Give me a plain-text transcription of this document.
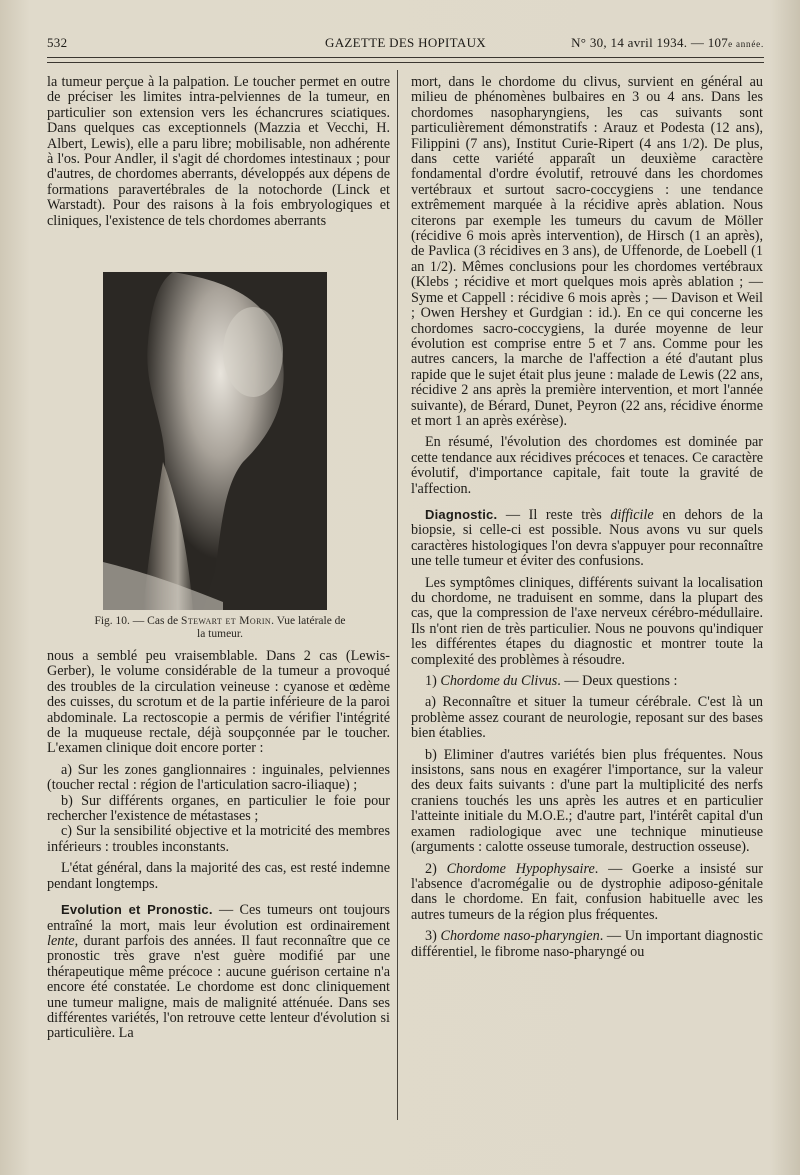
532	GAZETTE DES HOPITAUX	N° 30, 14 avril 1934. — 107e année.

la tumeur perçue à la palpation. Le toucher permet en outre de préciser les limites intra-pelviennes de la tumeur, en particulier son extension vers les échancrures sciatiques. Dans quelques cas exceptionnels (Mazzia et Vecchi, H. Albert, Lewis), elle a paru libre; mobilisable, non adhérente à l'os. Pour Andler, il s'agit dé chordomes intestinaux ; pour d'autres, de chordomes aberrants, développés aux dépens de formations paravertébrales de la notochorde (Linck et Warstadt). Pour des raisons à la fois embryologiques et cliniques, l'existence de tels chordomes aberrants

Fig. 10. — Cas de Stewart et Morin. Vue latérale de la tumeur.

nous a semblé peu vraisemblable. Dans 2 cas (Lewis-Gerber), le volume considérable de la tumeur a provoqué des troubles de la circulation veineuse : cyanose et œdème des cuisses, du scrotum et de la partie inférieure de la paroi abdominale. La rectoscopie a permis de vérifier l'intégrité de la muqueuse rectale, déjà soupçonnée par le toucher. L'examen clinique doit encore porter :

a) Sur les zones ganglionnaires : inguinales, pelviennes (toucher rectal : région de l'articulation sacro-iliaque) ;

b) Sur différents organes, en particulier le foie pour rechercher l'existence de métastases ;

c) Sur la sensibilité objective et la motricité des membres inférieurs : troubles inconstants.

L'état général, dans la majorité des cas, est resté indemne pendant longtemps.

Evolution et Pronostic. — Ces tumeurs ont toujours entraîné la mort, mais leur évolution est ordinairement lente, durant parfois des années. Il faut reconnaître que ce pronostic très grave n'est guère modifié par une thérapeutique même précoce : aucune guérison certaine n'a encore été constatée. Le chordome est donc cliniquement une tumeur maligne, mais de malignité atténuée. Dans ses différentes variétés, l'on retrouve cette lenteur d'évolution si particulière. La

mort, dans le chordome du clivus, survient en général au milieu de phénomènes bulbaires en 3 ou 4 ans. Dans les chordomes nasopharyngiens, les cas suivants sont particulièrement démonstratifs : Arauz et Podesta (12 ans), Filippini (7 ans), Institut Curie-Ripert (4 ans 1/2). De plus, dans cette variété apparaît un deuxième caractère fondamental d'ordre évolutif, retrouvé dans les chordomes vertébraux et surtout sacro-coccygiens : une tendance extrêmement marquée à la récidive après ablation. Nous citerons par exemple les tumeurs du cavum de Möller (récidive 6 mois après intervention), de Hirsch (1 an après), de Pavlica (3 récidives en 3 ans), de Uffenorde, de Loebell (1 an 1/2). Mêmes conclusions pour les chordomes vertébraux (Klebs ; récidive et mort quelques mois après ablation ; — Syme et Cappell : récidive 6 mois après ; — Davison et Weil ; Owen Hershey et Gurdgian : id.). En ce qui concerne les chordomes sacro-coccygiens, la durée moyenne de leur évolution est comprise entre 5 et 7 ans. Comme pour les autres cancers, la marche de l'affection a été d'autant plus rapide que le sujet était plus jeune : malade de Lewis (22 ans, récidive 2 ans après la première intervention, et mort l'année suivante), de Bérard, Dunet, Peyron (22 ans, récidive énorme et mort 1 an après exérèse).

En résumé, l'évolution des chordomes est dominée par cette tendance aux récidives précoces et tenaces. Ce caractère évolutif, d'importance capitale, fait toute la gravité de l'affection.

Diagnostic. — Il reste très difficile en dehors de la biopsie, si celle-ci est possible. Nous avons vu sur quels caractères histologiques l'on devra s'appuyer pour reconnaître une telle tumeur et éviter des confusions.

Les symptômes cliniques, différents suivant la localisation du chordome, ne traduisent en somme, dans la plupart des cas, que la compression de l'axe nerveux cérébro-médullaire. Ils n'ont rien de très particulier. Nous ne pouvons qu'indiquer les différentes étapes du diagnostic et montrer toute la complexité des problèmes à résoudre.

1) Chordome du Clivus. — Deux questions :

a) Reconnaître et situer la tumeur cérébrale. C'est là un problème assez courant de neurologie, reposant sur des bases bien établies.

b) Eliminer d'autres variétés bien plus fréquentes. Nous insistons, sans nous en exagérer l'importance, sur la valeur des deux faits suivants : d'une part la multiplicité des nerfs craniens touchés les uns après les autres et en particulier l'atteinte initiale du M.O.E.; d'autre part, l'intérêt capital d'un examen radiologique avec une technique minutieuse (arguments : calotte osseuse tumorale, destruction osseuse).

2) Chordome Hypophysaire. — Goerke a insisté sur l'absence d'acromégalie ou de dystrophie adiposo-génitale dans le chordome. En fait, confusion habituelle avec les autres tumeurs de la région plus fréquentes.

3) Chordome naso-pharyngien. — Un important diagnostic différentiel, le fibrome naso-pharyngé ou
